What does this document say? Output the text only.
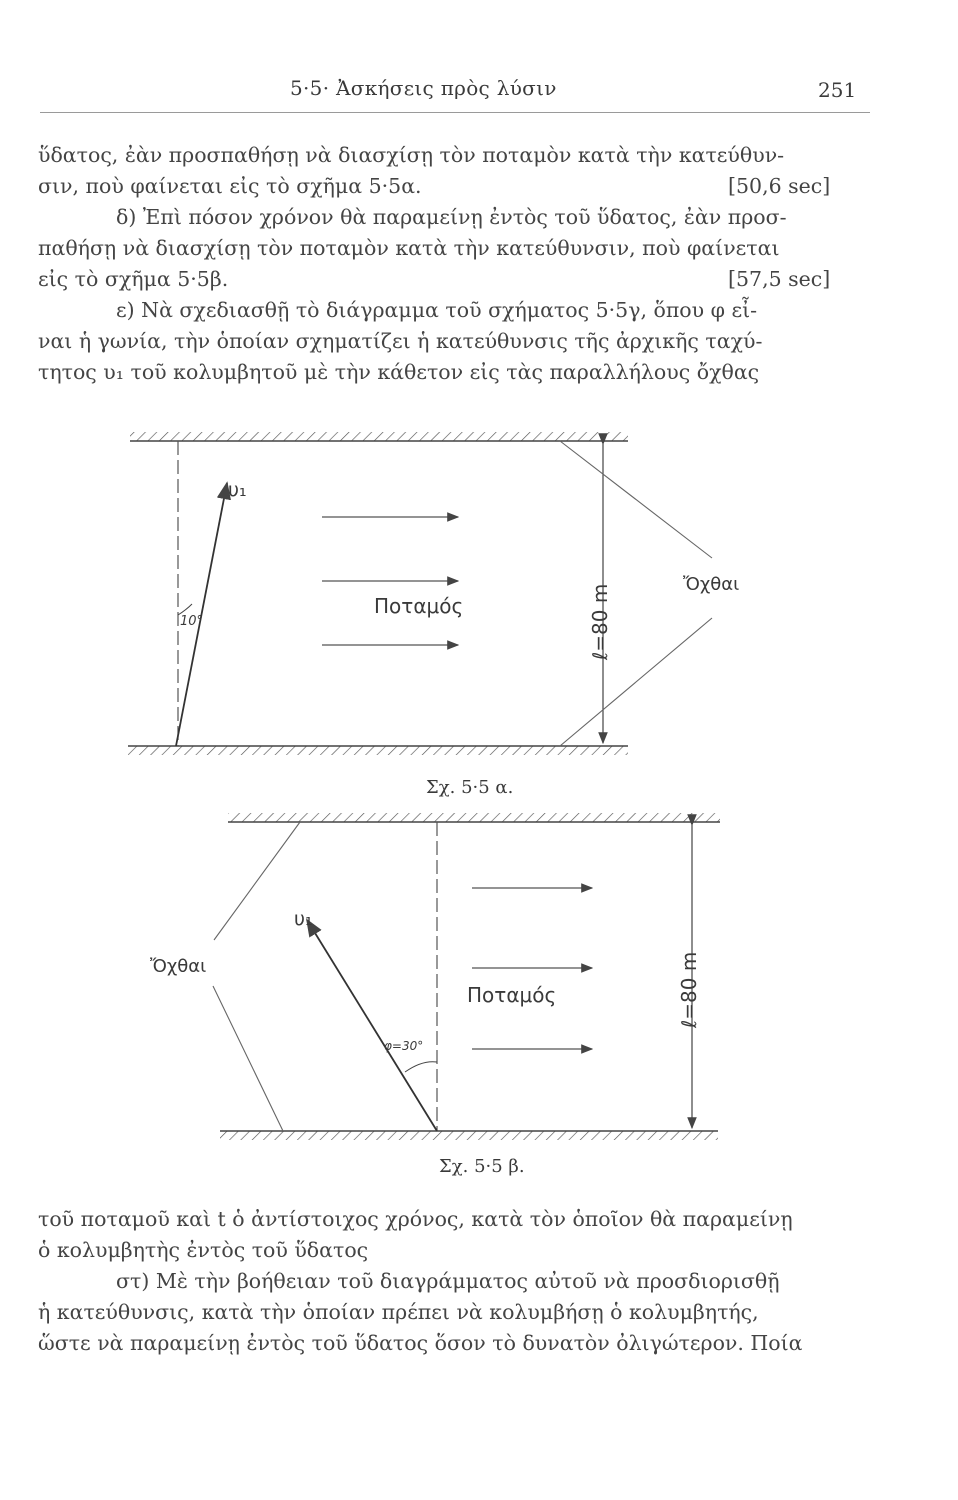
5·5· Ἀσκήσεις πρὸς λύσιν	251
ὕδατος, ἐὰν προσπαθήσῃ νὰ διασχίσῃ τὸν ποταμὸν κατὰ τὴν κατεύθυν-
σιν, ποὺ φαίνεται εἰς τὸ σχῆμα 5·5α.	[50,6 sec]
δ) Ἐπὶ πόσον χρόνον θὰ παραμείνῃ ἐντὸς τοῦ ὕδατος, ἐὰν προσ-
παθήσῃ νὰ διασχίσῃ τὸν ποταμὸν κατὰ τὴν κατεύθυνσιν, ποὺ φαίνεται
εἰς τὸ σχῆμα 5·5β.	[57,5 sec]
ε) Νὰ σχεδιασθῇ τὸ διάγραμμα τοῦ σχήματος 5·5γ, ὅπου φ εἶ-
ναι ἡ γωνία, τὴν ὁποίαν σχηματίζει ἡ κατεύθυνσις τῆς ἀρχικῆς ταχύ-
τητος υ₁ τοῦ κολυμβητοῦ μὲ τὴν κάθετον εἰς τὰς παραλλήλους ὄχθας
υ₁
10°
Ποταμός	ℓ=80 m	Ὄχθαι
υ₁
φ=30°
Ποταμός	ℓ=80 m
Ὄχθαι
Σχ. 5·5 α.
Σχ. 5·5 β.
τοῦ ποταμοῦ καὶ t ὁ ἀντίστοιχος χρόνος, κατὰ τὸν ὁποῖον θὰ παραμείνῃ
ὁ κολυμβητὴς ἐντὸς τοῦ ὕδατος
στ) Μὲ τὴν βοήθειαν τοῦ διαγράμματος αὐτοῦ νὰ προσδιορισθῇ
ἡ κατεύθυνσις, κατὰ τὴν ὁποίαν πρέπει νὰ κολυμβήσῃ ὁ κολυμβητής,
ὥστε νὰ παραμείνῃ ἐντὸς τοῦ ὕδατος ὅσον τὸ δυνατὸν ὀλιγώτερον. Ποία
